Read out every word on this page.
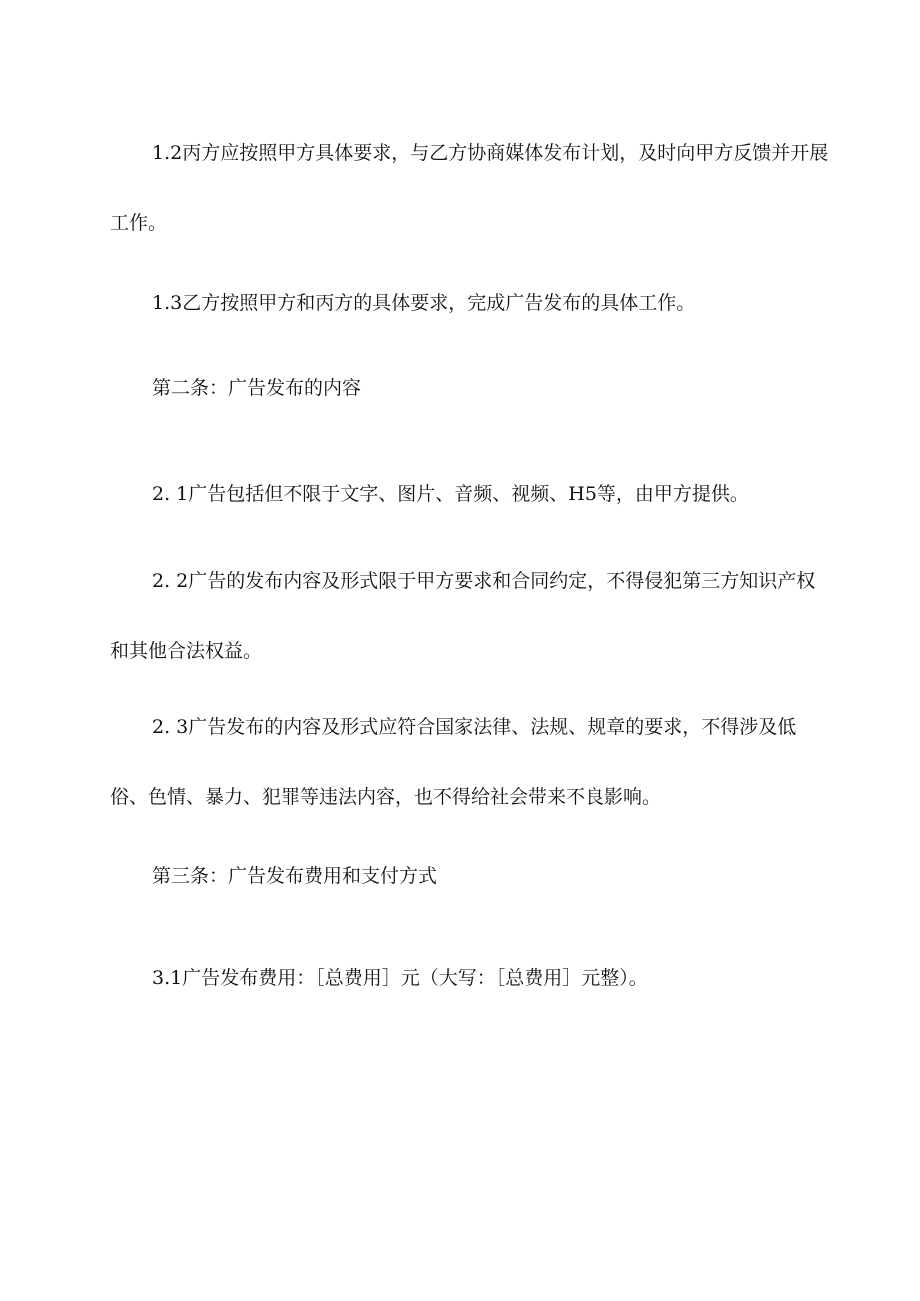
1.2丙方应按照甲方具体要求，与乙方协商媒体发布计划，及时向甲方反馈并开展工作。

1.3乙方按照甲方和丙方的具体要求，完成广告发布的具体工作。

第二条：广告发布的内容

2. 1广告包括但不限于文字、图片、音频、视频、H5等，由甲方提供。

2. 2广告的发布内容及形式限于甲方要求和合同约定，不得侵犯第三方知识产权和其他合法权益。

2. 3广告发布的内容及形式应符合国家法律、法规、规章的要求，不得涉及低俗、色情、暴力、犯罪等违法内容，也不得给社会带来不良影响。

第三条：广告发布费用和支付方式

3.1广告发布费用：［总费用］元（大写：［总费用］元整）。
